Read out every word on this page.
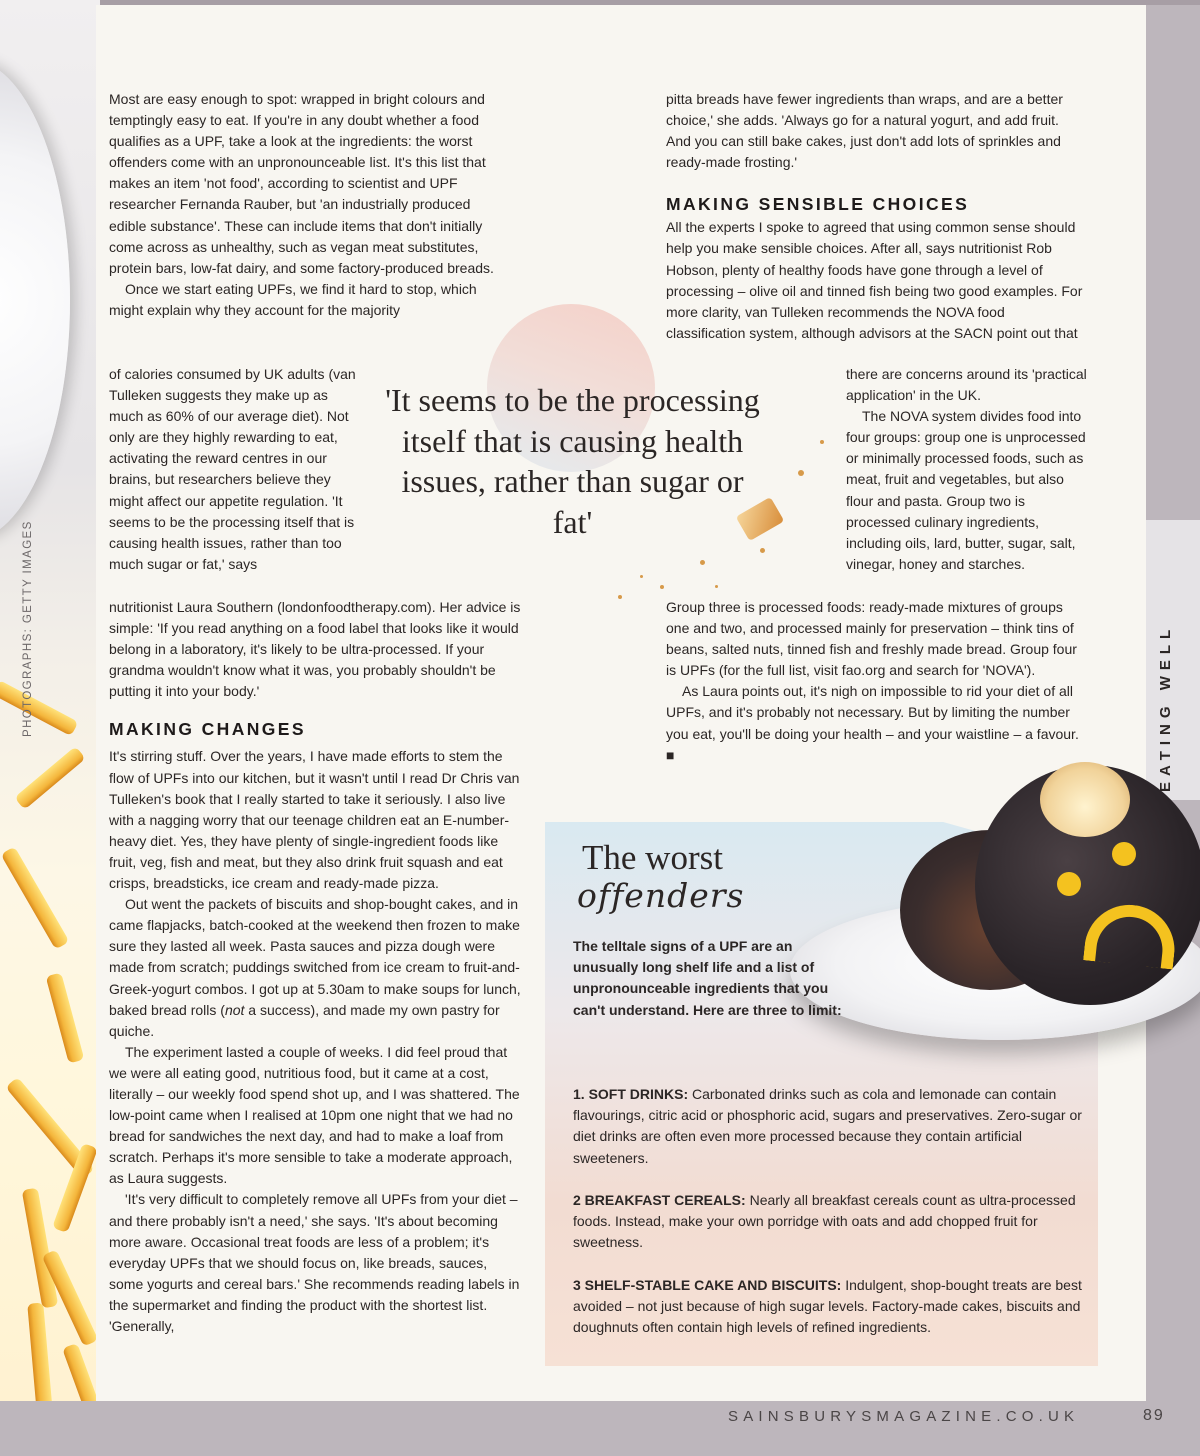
PHOTOGRAPHS: GETTY IMAGES	EATING WELL

Most are easy enough to spot: wrapped in bright colours and temptingly easy to eat. If you're in any doubt whether a food qualifies as a UPF, take a look at the ingredients: the worst offenders come with an unpronounceable list. It's this list that makes an item 'not food', according to scientist and UPF researcher Fernanda Rauber, but 'an industrially produced edible substance'. These can include items that don't initially come across as unhealthy, such as vegan meat substitutes, protein bars, low-fat dairy, and some factory-produced breads.

Once we start eating UPFs, we find it hard to stop, which might explain why they account for the majority

of calories consumed by UK adults (van Tulleken suggests they make up as much as 60% of our average diet). Not only are they highly rewarding to eat, activating the reward centres in our brains, but researchers believe they might affect our appetite regulation. 'It seems to be the processing itself that is causing health issues, rather than too much sugar or fat,' says

nutritionist Laura Southern (londonfoodtherapy.com). Her advice is simple: 'If you read anything on a food label that looks like it would belong in a laboratory, it's likely to be ultra-processed. If your grandma wouldn't know what it was, you probably shouldn't be putting it into your body.'

MAKING CHANGES

It's stirring stuff. Over the years, I have made efforts to stem the flow of UPFs into our kitchen, but it wasn't until I read Dr Chris van Tulleken's book that I really started to take it seriously. I also live with a nagging worry that our teenage children eat an E-number-heavy diet. Yes, they have plenty of single-ingredient foods like fruit, veg, fish and meat, but they also drink fruit squash and eat crisps, breadsticks, ice cream and ready-made pizza.

Out went the packets of biscuits and shop-bought cakes, and in came flapjacks, batch-cooked at the weekend then frozen to make sure they lasted all week. Pasta sauces and pizza dough were made from scratch; puddings switched from ice cream to fruit-and-Greek-yogurt combos. I got up at 5.30am to make soups for lunch, baked bread rolls (not a success), and made my own pastry for quiche.

The experiment lasted a couple of weeks. I did feel proud that we were all eating good, nutritious food, but it came at a cost, literally – our weekly food spend shot up, and I was shattered. The low-point came when I realised at 10pm one night that we had no bread for sandwiches the next day, and had to make a loaf from scratch. Perhaps it's more sensible to take a moderate approach, as Laura suggests.

'It's very difficult to completely remove all UPFs from your diet – and there probably isn't a need,' she says. 'It's about becoming more aware. Occasional treat foods are less of a problem; it's everyday UPFs that we should focus on, like breads, sauces, some yogurts and cereal bars.' She recommends reading labels in the supermarket and finding the product with the shortest list. 'Generally,

pitta breads have fewer ingredients than wraps, and are a better choice,' she adds. 'Always go for a natural yogurt, and add fruit. And you can still bake cakes, just don't add lots of sprinkles and ready-made frosting.'

MAKING SENSIBLE CHOICES

All the experts I spoke to agreed that using common sense should help you make sensible choices. After all, says nutritionist Rob Hobson, plenty of healthy foods have gone through a level of processing – olive oil and tinned fish being two good examples. For more clarity, van Tulleken recommends the NOVA food classification system, although advisors at the SACN point out that

there are concerns around its 'practical application' in the UK.

The NOVA system divides food into four groups: group one is unprocessed or minimally processed foods, such as meat, fruit and vegetables, but also flour and pasta. Group two is processed culinary ingredients, including oils, lard, butter, sugar, salt, vinegar, honey and starches.

Group three is processed foods: ready-made mixtures of groups one and two, and processed mainly for preservation – think tins of beans, salted nuts, tinned fish and freshly made bread. Group four is UPFs (for the full list, visit fao.org and search for 'NOVA').

As Laura points out, it's nigh on impossible to rid your diet of all UPFs, and it's probably not necessary. But by limiting the number you eat, you'll be doing your health – and your waistline – a favour. ■

'It seems to be the processing itself that is causing health issues, rather than sugar or fat'
The worst
offenders
The telltale signs of a UPF are an unusually long shelf life and a list of unpronounceable ingredients that you can't understand. Here are three to limit:

1. SOFT DRINKS: Carbonated drinks such as cola and lemonade can contain flavourings, citric acid or phosphoric acid, sugars and preservatives. Zero-sugar or diet drinks are often even more processed because they contain artificial sweeteners.

2 BREAKFAST CEREALS: Nearly all breakfast cereals count as ultra-processed foods. Instead, make your own porridge with oats and add chopped fruit for sweetness.

3 SHELF-STABLE CAKE AND BISCUITS: Indulgent, shop-bought treats are best avoided – not just because of high sugar levels. Factory-made cakes, biscuits and doughnuts often contain high levels of refined ingredients.

SAINSBURYSMAGAZINE.CO.UK	89
